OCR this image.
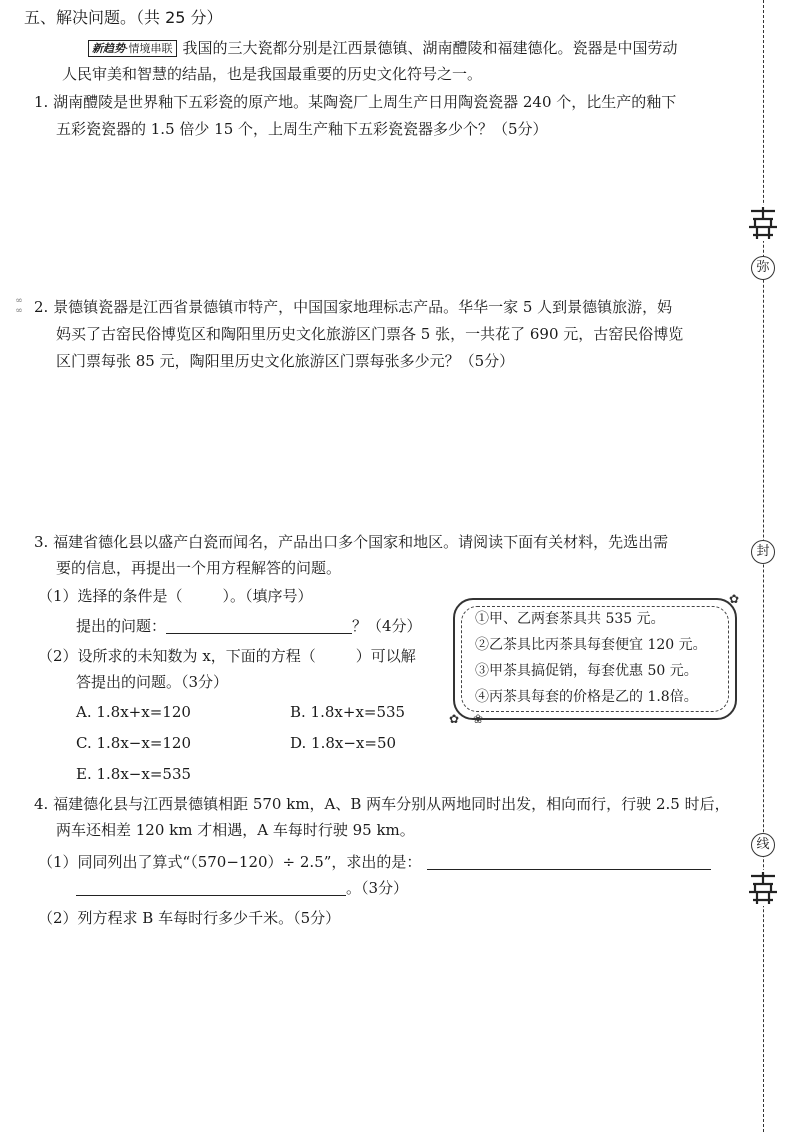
∞∞
弥
封
线
五、解决问题。（共 25 分）
新趋势·情境串联 我国的三大瓷都分别是江西景德镇、湖南醴陵和福建德化。瓷器是中国劳动
人民审美和智慧的结晶，也是我国最重要的历史文化符号之一。
1. 湖南醴陵是世界釉下五彩瓷的原产地。某陶瓷厂上周生产日用陶瓷瓷器 240 个，比生产的釉下
五彩瓷瓷器的 1.5 倍少 15 个，上周生产釉下五彩瓷瓷器多少个？（5分）
2. 景德镇瓷器是江西省景德镇市特产，中国国家地理标志产品。华华一家 5 人到景德镇旅游，妈
妈买了古窑民俗博览区和陶阳里历史文化旅游区门票各 5 张，一共花了 690 元，古窑民俗博览
区门票每张 85 元，陶阳里历史文化旅游区门票每张多少元？（5分）
3. 福建省德化县以盛产白瓷而闻名，产品出口多个国家和地区。请阅读下面有关材料，先选出需
要的信息，再提出一个用方程解答的问题。
（1）选择的条件是（	）。（填序号）
提出的问题：	？（4分）
（2）设所求的未知数为 x，下面的方程（	）可以解
答提出的问题。（3分）
A. 1.8x+x=120	B. 1.8x+x=535
C. 1.8x−x=120	D. 1.8x−x=50
E. 1.8x−x=535
①甲、乙两套茶具共 535 元。
②乙茶具比丙茶具每套便宜 120 元。
③甲茶具搞促销，每套优惠 50 元。
④丙茶具每套的价格是乙的 1.8倍。
✿
✿ ❀
4. 福建德化县与江西景德镇相距 570 km，A、B 两车分别从两地同时出发，相向而行，行驶 2.5 时后，
两车还相差 120 km 才相遇，A 车每时行驶 95 km。
（1）同同列出了算式“（570−120）÷ 2.5”，求出的是：
。（3分）
（2）列方程求 B 车每时行多少千米。（5分）
